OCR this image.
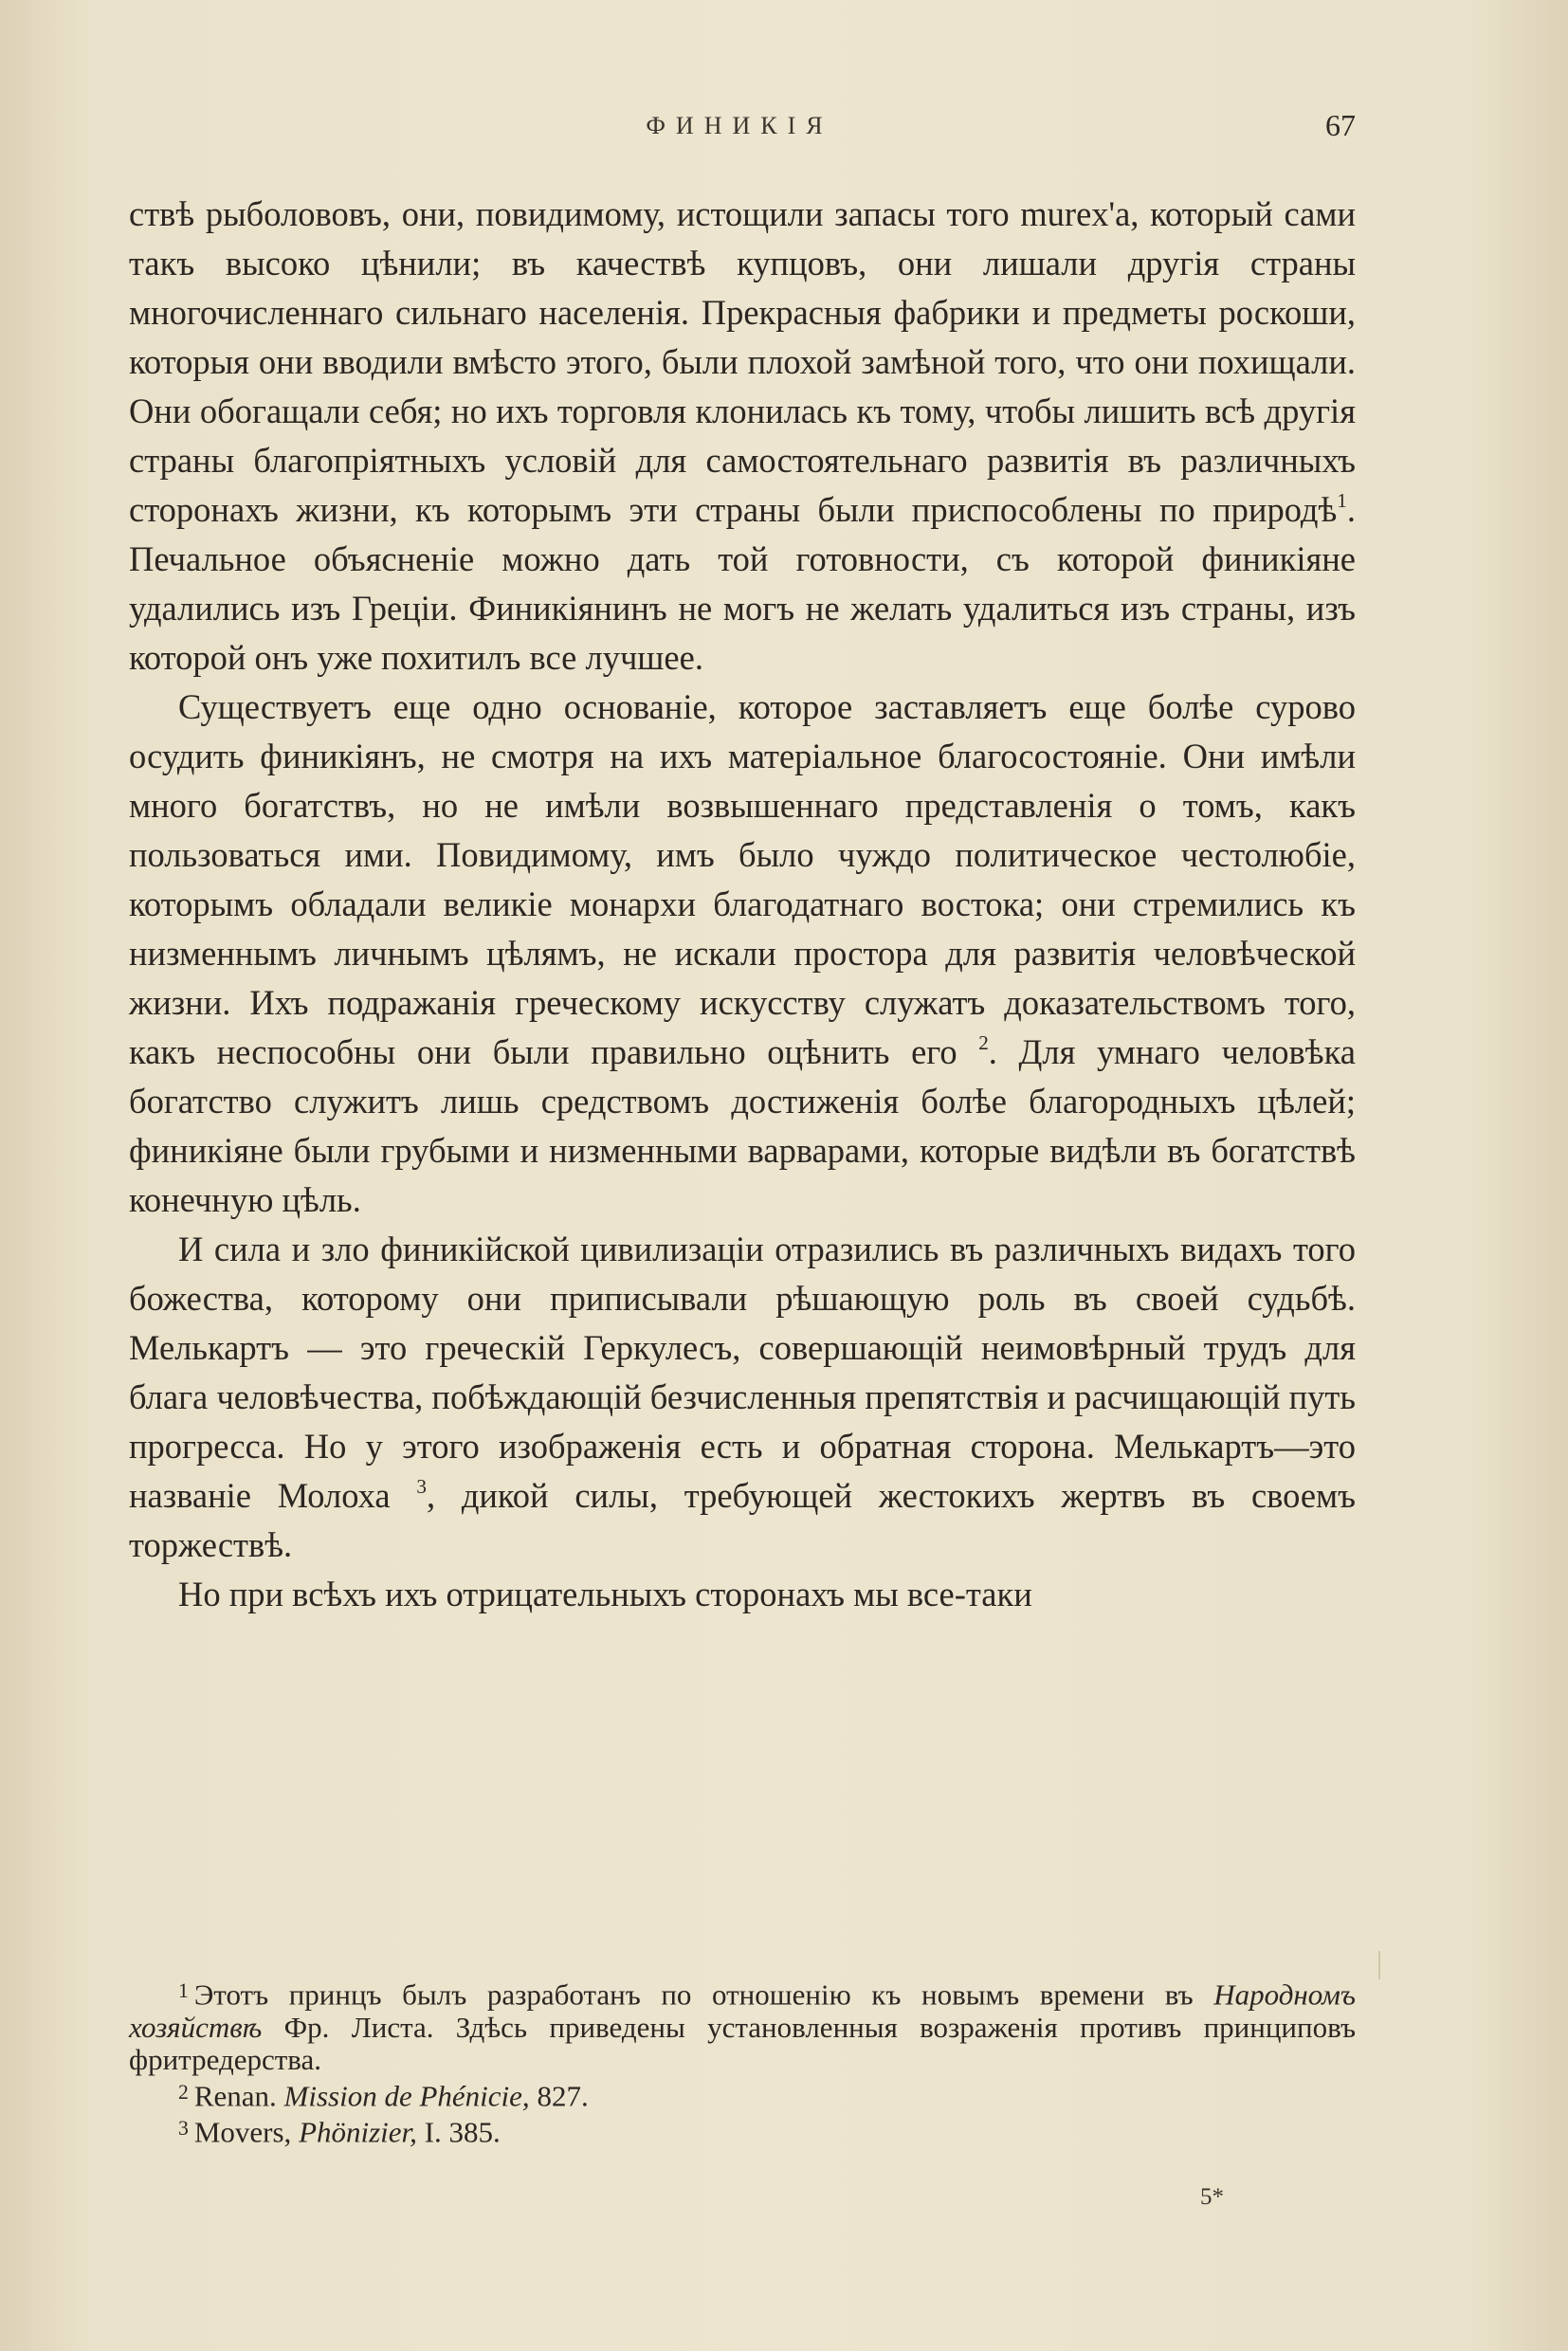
ФИНИКІЯ	67

ствѣ рыболововъ, они, повидимому, истощили запасы того murex'а, который сами такъ высоко цѣнили; въ качествѣ купцовъ, они лишали другія страны многочисленнаго сильнаго населенія. Прекрасныя фабрики и предметы роскоши, которыя они вводили вмѣсто этого, были плохой замѣной того, что они похищали. Они обогащали себя; но ихъ торговля клонилась къ тому, чтобы лишить всѣ другія страны благопріятныхъ условій для самостоятельнаго развитія въ различныхъ сторонахъ жизни, къ которымъ эти страны были приспособлены по природѣ$^1$. Печальное объясненіе можно дать той готовности, съ которой финикіяне удалились изъ Греціи. Финикіянинъ не могъ не желать удалиться изъ страны, изъ которой онъ уже похитилъ все лучшее.

Существуетъ еще одно основаніе, которое заставляетъ еще болѣе сурово осудить финикіянъ, не смотря на ихъ матеріальное благосостояніе. Они имѣли много богатствъ, но не имѣли возвышеннаго представленія о томъ, какъ пользоваться ими. Повидимому, имъ было чуждо политическое честолюбіе, которымъ обладали великіе монархи благодатнаго востока; они стремились къ низменнымъ личнымъ цѣлямъ, не искали простора для развитія человѣческой жизни. Ихъ подражанія греческому искусству служатъ доказательствомъ того, какъ неспособны они были правильно оцѣнить его $^2$. Для умнаго человѣка богатство служитъ лишь средствомъ достиженія болѣе благородныхъ цѣлей; финикіяне были грубыми и низменными варварами, которые видѣли въ богатствѣ конечную цѣль.

И сила и зло финикійской цивилизаціи отразились въ различныхъ видахъ того божества, которому они приписывали рѣшающую роль въ своей судьбѣ. Мелькартъ — это греческій Геркулесъ, совершающій неимовѣрный трудъ для блага человѣчества, побѣждающій безчисленныя препятствія и расчищающій путь прогресса. Но у этого изображенія есть и обратная сторона. Мелькартъ—это названіе Молоха $^3$, дикой силы, требующей жестокихъ жертвъ въ своемъ торжествѣ.

Но при всѣхъ ихъ отрицательныхъ сторонахъ мы все-таки

$^1$ Этотъ принцъ былъ разработанъ по отношенію къ новымъ времени въ Народномъ хозяйствѣ Фр. Листа. Здѣсь приведены установленныя возраженія противъ принциповъ фритредерства.

$^2$ Renan. Mission de Phénicie, 827.

$^3$ Movers, Phönizier, I. 385.

5*
